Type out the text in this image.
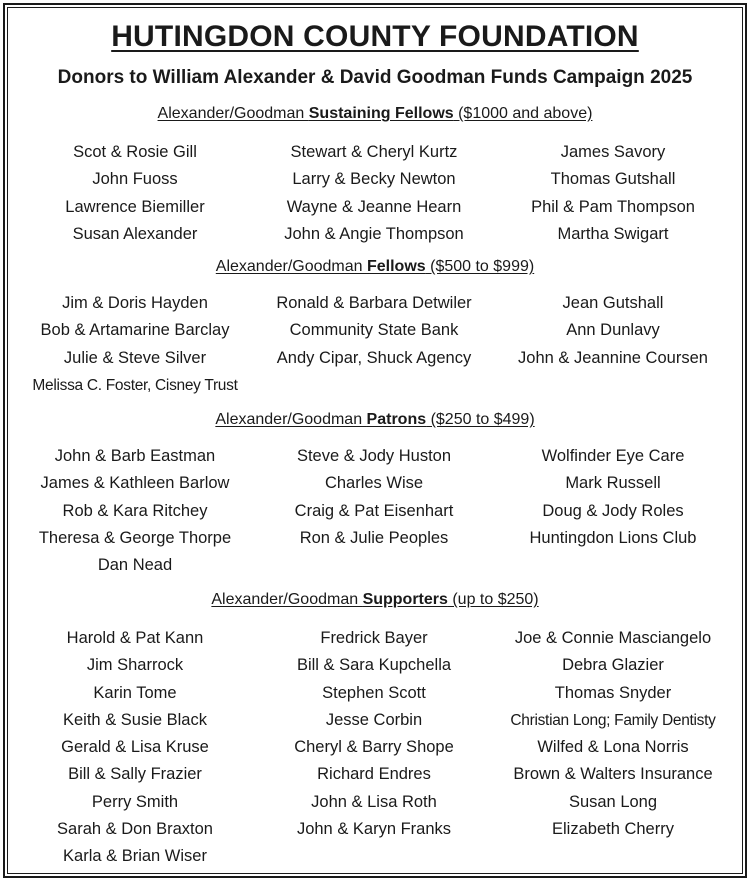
HUTINGDON COUNTY FOUNDATION
Donors to William Alexander & David Goodman Funds Campaign 2025
Alexander/Goodman Sustaining Fellows ($1000 and above)
Scot & Rosie Gill
John Fuoss
Lawrence Biemiller
Susan Alexander
Stewart & Cheryl Kurtz
Larry & Becky Newton
Wayne & Jeanne Hearn
John & Angie Thompson
James Savory
Thomas Gutshall
Phil & Pam Thompson
Martha Swigart
Alexander/Goodman Fellows ($500 to $999)
Jim & Doris Hayden
Bob & Artamarine Barclay
Julie & Steve Silver
Melissa C. Foster, Cisney Trust
Ronald & Barbara Detwiler
Community State Bank
Andy Cipar, Shuck Agency
Jean Gutshall
Ann Dunlavy
John & Jeannine Coursen
Alexander/Goodman Patrons ($250 to $499)
John & Barb Eastman
James & Kathleen Barlow
Rob & Kara Ritchey
Theresa & George Thorpe
Dan Nead
Steve & Jody Huston
Charles Wise
Craig & Pat Eisenhart
Ron & Julie Peoples
Wolfinder Eye Care
Mark Russell
Doug & Jody Roles
Huntingdon Lions Club
Alexander/Goodman Supporters (up to $250)
Harold & Pat Kann
Jim Sharrock
Karin Tome
Keith & Susie Black
Gerald & Lisa Kruse
Bill & Sally Frazier
Perry Smith
Sarah & Don Braxton
Karla & Brian Wiser
Fredrick Bayer
Bill & Sara Kupchella
Stephen Scott
Jesse Corbin
Cheryl & Barry Shope
Richard Endres
John & Lisa Roth
John & Karyn Franks
Joe & Connie Masciangelo
Debra Glazier
Thomas Snyder
Christian Long; Family Dentisty
Wilfed & Lona Norris
Brown & Walters Insurance
Susan Long
Elizabeth Cherry
